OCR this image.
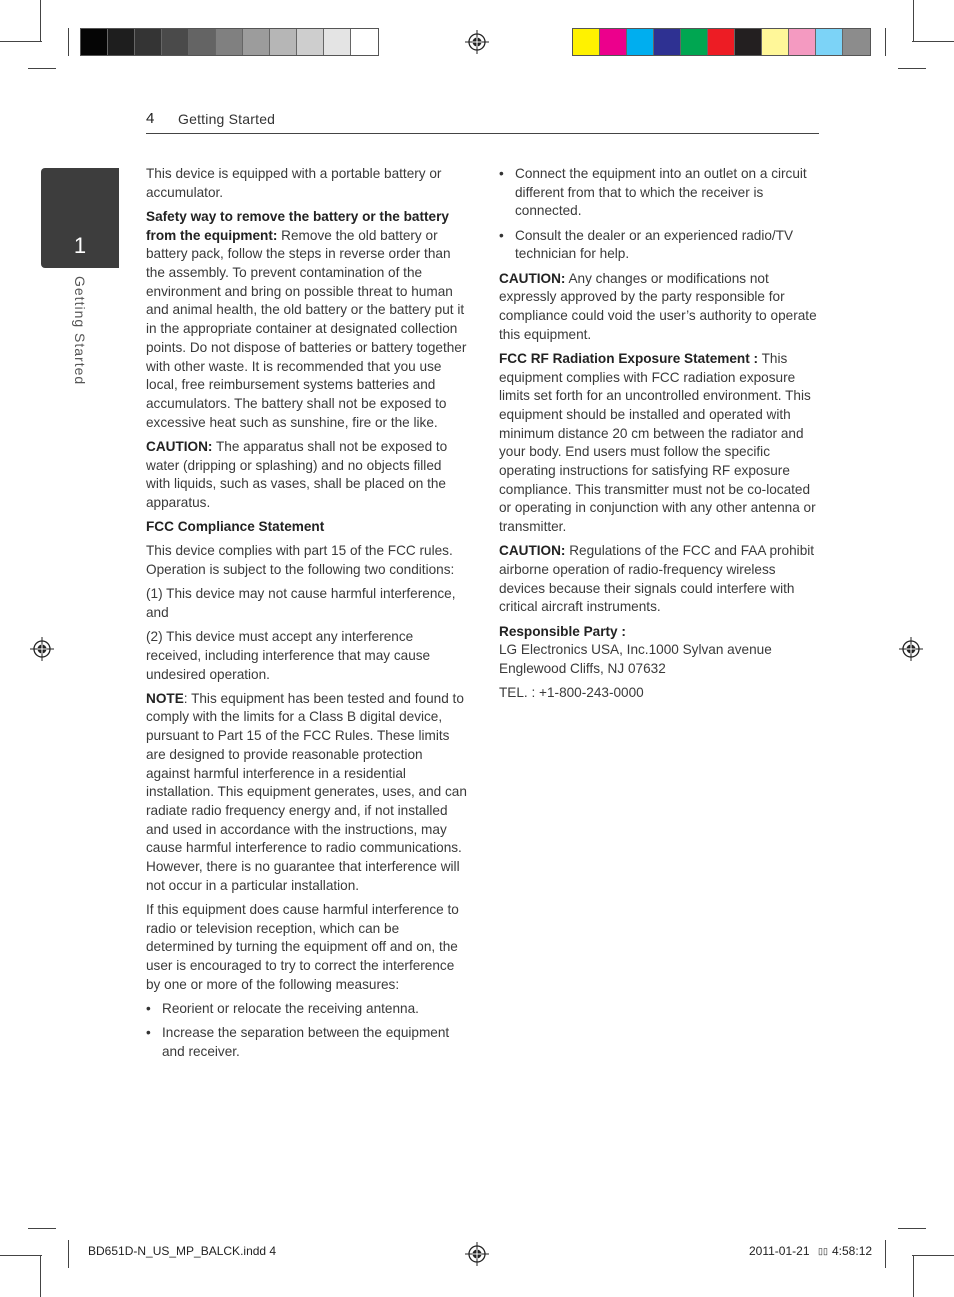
4 Getting Started
1
Getting Started

This device is equipped with a portable battery or accumulator.

Safety way to remove the battery or the battery from the equipment: Remove the old battery or battery pack, follow the steps in reverse order than the assembly. To prevent contamination of the environment and bring on possible threat to human and animal health, the old battery or the battery put it in the appropriate container at designated collection points. Do not dispose of batteries or battery together with other waste. It is recommended that you use local, free reimbursement systems batteries and accumulators. The battery shall not be exposed to excessive heat such as sunshine, fire or the like.

CAUTION: The apparatus shall not be exposed to water (dripping or splashing) and no objects filled with liquids, such as vases, shall be placed on the apparatus.

FCC Compliance Statement

This device complies with part 15 of the FCC rules. Operation is subject to the following two conditions:

(1) This device may not cause harmful interference, and

(2) This device must accept any interference received, including interference that may cause undesired operation.

NOTE: This equipment has been tested and found to comply with the limits for a Class B digital device, pursuant to Part 15 of the FCC Rules. These limits are designed to provide reasonable protection against harmful interference in a residential installation. This equipment generates, uses, and can radiate radio frequency energy and, if not installed and used in accordance with the instructions, may cause harmful interference to radio communications. However, there is no guarantee that interference will not occur in a particular installation.

If this equipment does cause harmful interference to radio or television reception, which can be determined by turning the equipment off and on, the user is encouraged to try to correct the interference by one or more of the following measures:

• Reorient or relocate the receiving antenna.

• Increase the separation between the equipment and receiver.

• Connect the equipment into an outlet on a circuit different from that to which the receiver is connected.

• Consult the dealer or an experienced radio/TV technician for help.

CAUTION: Any changes or modifications not expressly approved by the party responsible for compliance could void the user’s authority to operate this equipment.

FCC RF Radiation Exposure Statement : This equipment complies with FCC radiation exposure limits set forth for an uncontrolled environment. This equipment should be installed and operated with minimum distance 20 cm between the radiator and your body. End users must follow the specific operating instructions for satisfying RF exposure compliance. This transmitter must not be co-located or operating in conjunction with any other antenna or transmitter.

CAUTION: Regulations of the FCC and FAA prohibit airborne operation of radio-frequency wireless devices because their signals could interfere with critical aircraft instruments.

Responsible Party :
LG Electronics USA, Inc.1000 Sylvan avenue
Englewood Cliffs, NJ 07632

TEL. : +1-800-243-0000

BD651D-N_US_MP_BALCK.indd 4	2011-01-21 ▯▯ 4:58:12
